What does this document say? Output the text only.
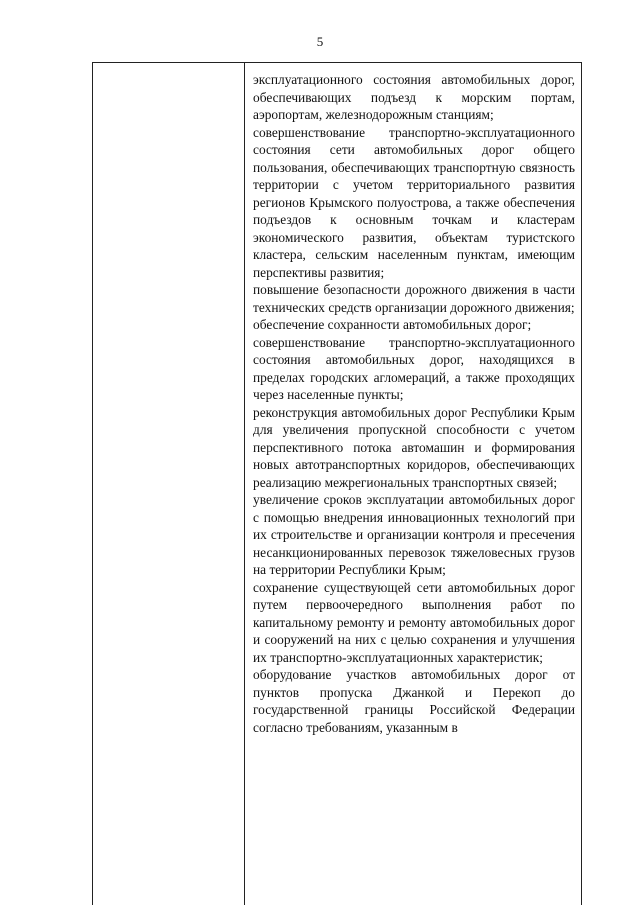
5

эксплуатационного состояния автомобильных дорог, обеспечивающих подъезд к морским портам, аэропортам, железнодорожным станциям;

совершенствование транспортно-эксплуатационного состояния сети автомобильных дорог общего пользования, обеспечивающих транспортную связность территории с учетом территориального развития регионов Крымского полуострова, а также обеспечения подъездов к основным точкам и кластерам экономического развития, объектам туристского кластера, сельским населенным пунктам, имеющим перспективы развития;

повышение безопасности дорожного движения в части технических средств организации дорожного движения;

обеспечение сохранности автомобильных дорог;

совершенствование транспортно-эксплуатационного состояния автомобильных дорог, находящихся в пределах городских агломераций, а также проходящих через населенные пункты;

реконструкция автомобильных дорог Республики Крым для увеличения пропускной способности с учетом перспективного потока автомашин и формирования новых автотранспортных коридоров, обеспечивающих реализацию межрегиональных транспортных связей;

увеличение сроков эксплуатации автомобильных дорог с помощью внедрения инновационных технологий при их строительстве и организации контроля и пресечения несанкционированных перевозок тяжеловесных грузов на территории Республики Крым;

сохранение существующей сети автомобильных дорог путем первоочередного выполнения работ по капитальному ремонту и ремонту автомобильных дорог и сооружений на них с целью сохранения и улучшения их транспортно-эксплуатационных характеристик;

оборудование участков автомобильных дорог от пунктов пропуска Джанкой и Перекоп до государственной границы Российской Федерации согласно требованиям, указанным в
